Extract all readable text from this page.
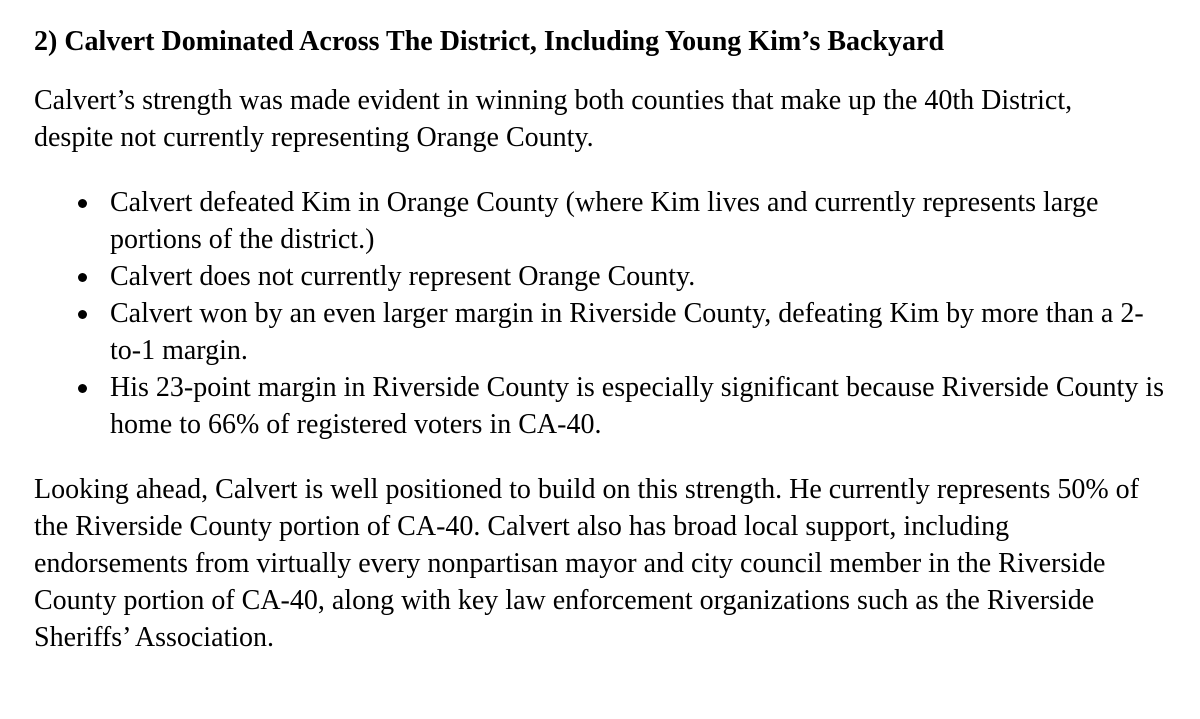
2) Calvert Dominated Across The District, Including Young Kim’s Backyard

Calvert’s strength was made evident in winning both counties that make up the 40th District, despite not currently representing Orange County.

Calvert defeated Kim in Orange County (where Kim lives and currently represents large portions of the district.)
Calvert does not currently represent Orange County.
Calvert won by an even larger margin in Riverside County, defeating Kim by more than a 2-to-1 margin.
His 23-point margin in Riverside County is especially significant because Riverside County is home to 66% of registered voters in CA-40.

Looking ahead, Calvert is well positioned to build on this strength. He currently represents 50% of the Riverside County portion of CA-40. Calvert also has broad local support, including endorsements from virtually every nonpartisan mayor and city council member in the Riverside County portion of CA-40, along with key law enforcement organizations such as the Riverside Sheriffs’ Association.
